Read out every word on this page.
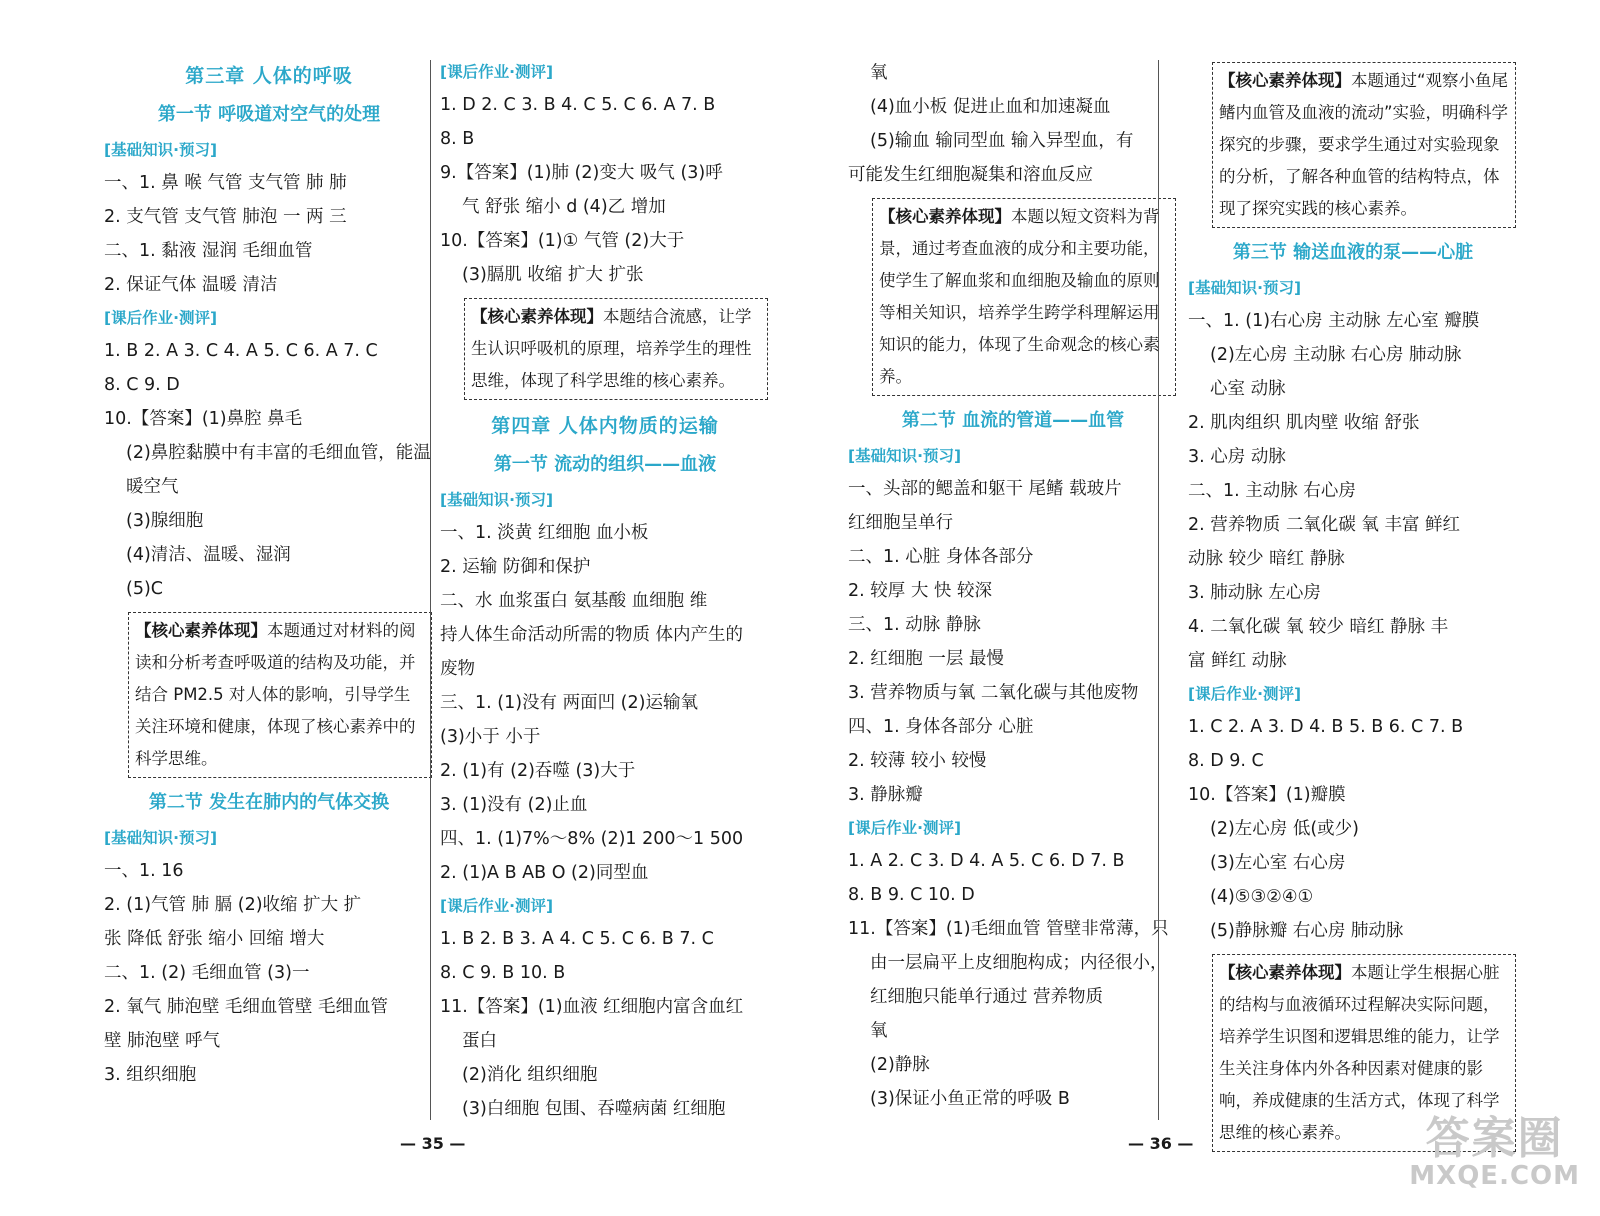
第三章 人体的呼吸
第一节 呼吸道对空气的处理
[基础知识·预习]
一、1. 鼻 喉 气管 支气管 肺 肺
2. 支气管 支气管 肺泡 一 两 三
二、1. 黏液 湿润 毛细血管
2. 保证气体 温暖 清洁
[课后作业·测评]
1. B 2. A 3. C 4. A 5. C 6. A 7. C
8. C 9. D
10.【答案】(1)鼻腔 鼻毛
(2)鼻腔黏膜中有丰富的毛细血管，能温
暖空气
(3)腺细胞
(4)清洁、温暖、湿润
(5)C
【核心素养体现】本题通过对材料的阅读和分析考查呼吸道的结构及功能，并结合 PM2.5 对人体的影响，引导学生关注环境和健康，体现了核心素养中的科学思维。
第二节 发生在肺内的气体交换
[基础知识·预习]
一、1. 16
2. (1)气管 肺 膈 (2)收缩 扩大 扩
张 降低 舒张 缩小 回缩 增大
二、1. (2) 毛细血管 (3)一
2. 氧气 肺泡壁 毛细血管壁 毛细血管
壁 肺泡壁 呼气
3. 组织细胞
[课后作业·测评]
1. D 2. C 3. B 4. C 5. C 6. A 7. B
8. B
9.【答案】(1)肺 (2)变大 吸气 (3)呼
气 舒张 缩小 d (4)乙 增加
10.【答案】(1)① 气管 (2)大于
(3)膈肌 收缩 扩大 扩张
【核心素养体现】本题结合流感，让学生认识呼吸机的原理，培养学生的理性思维，体现了科学思维的核心素养。
第四章 人体内物质的运输
第一节 流动的组织——血液
[基础知识·预习]
一、1. 淡黄 红细胞 血小板
2. 运输 防御和保护
二、水 血浆蛋白 氨基酸 血细胞 维
持人体生命活动所需的物质 体内产生的
废物
三、1. (1)没有 两面凹 (2)运输氧
(3)小于 小于
2. (1)有 (2)吞噬 (3)大于
3. (1)没有 (2)止血
四、1. (1)7%～8% (2)1 200～1 500
2. (1)A B AB O (2)同型血
[课后作业·测评]
1. B 2. B 3. A 4. C 5. C 6. B 7. C
8. C 9. B 10. B
11.【答案】(1)血液 红细胞内富含血红
蛋白
(2)消化 组织细胞
(3)白细胞 包围、吞噬病菌 红细胞
氧
(4)血小板 促进止血和加速凝血
(5)输血 输同型血 输入异型血，有
可能发生红细胞凝集和溶血反应
【核心素养体现】本题以短文资料为背景，通过考查血液的成分和主要功能，使学生了解血浆和血细胞及输血的原则等相关知识，培养学生跨学科理解运用知识的能力，体现了生命观念的核心素养。
第二节 血流的管道——血管
[基础知识·预习]
一、头部的鳃盖和躯干 尾鳍 载玻片
红细胞呈单行
二、1. 心脏 身体各部分
2. 较厚 大 快 较深
三、1. 动脉 静脉
2. 红细胞 一层 最慢
3. 营养物质与氧 二氧化碳与其他废物
四、1. 身体各部分 心脏
2. 较薄 较小 较慢
3. 静脉瓣
[课后作业·测评]
1. A 2. C 3. D 4. A 5. C 6. D 7. B
8. B 9. C 10. D
11.【答案】(1)毛细血管 管壁非常薄，只
由一层扁平上皮细胞构成；内径很小，
红细胞只能单行通过 营养物质
氧
(2)静脉
(3)保证小鱼正常的呼吸 B
【核心素养体现】本题通过“观察小鱼尾鳍内血管及血液的流动”实验，明确科学探究的步骤，要求学生通过对实验现象的分析，了解各种血管的结构特点，体现了探究实践的核心素养。
第三节 输送血液的泵——心脏
[基础知识·预习]
一、1. (1)右心房 主动脉 左心室 瓣膜
(2)左心房 主动脉 右心房 肺动脉
心室 动脉
2. 肌肉组织 肌肉壁 收缩 舒张
3. 心房 动脉
二、1. 主动脉 右心房
2. 营养物质 二氧化碳 氧 丰富 鲜红
动脉 较少 暗红 静脉
3. 肺动脉 左心房
4. 二氧化碳 氧 较少 暗红 静脉 丰
富 鲜红 动脉
[课后作业·测评]
1. C 2. A 3. D 4. B 5. B 6. C 7. B
8. D 9. C
10.【答案】(1)瓣膜
(2)左心房 低(或少)
(3)左心室 右心房
(4)⑤③②④①
(5)静脉瓣 右心房 肺动脉
【核心素养体现】本题让学生根据心脏的结构与血液循环过程解决实际问题，培养学生识图和逻辑思维的能力，让学生关注身体内外各种因素对健康的影响，养成健康的生活方式，体现了科学思维的核心素养。
— 35 —	— 36 —	答案圈
MXQE.COM
